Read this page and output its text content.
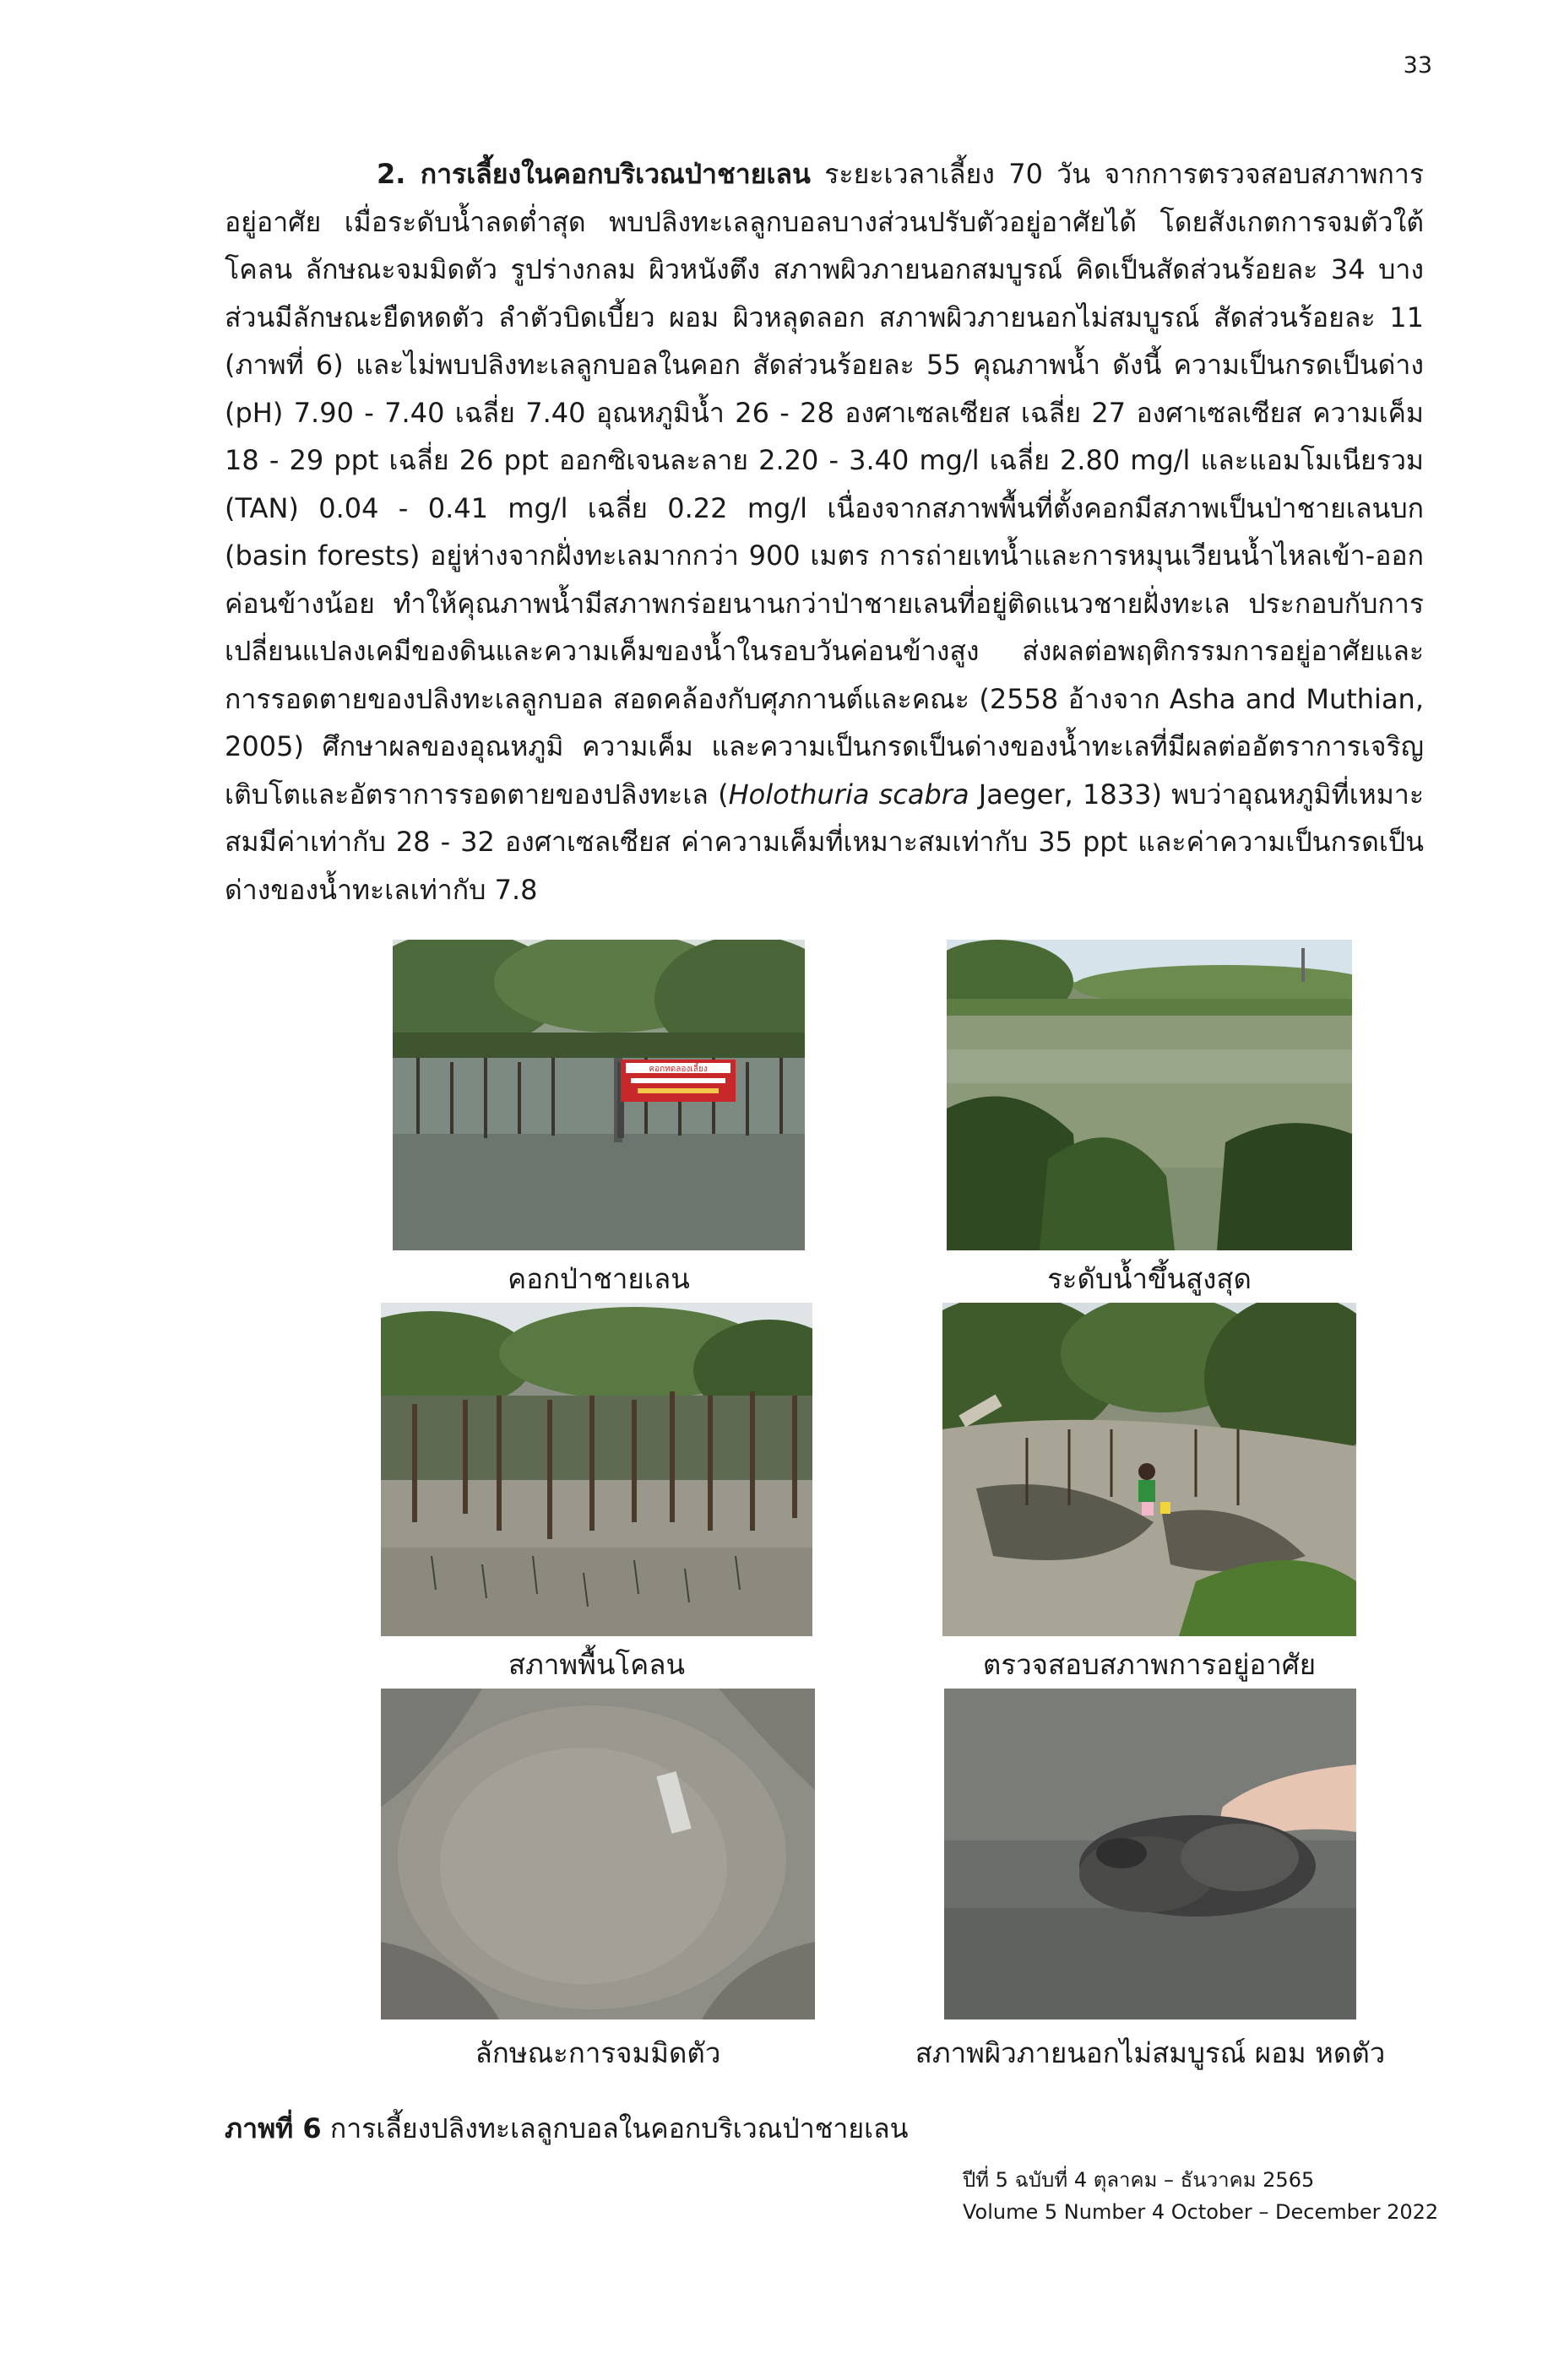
33

2. การเลี้ยงในคอกบริเวณป่าชายเลน ระยะเวลาเลี้ยง 70 วัน จากการตรวจสอบสภาพการอยู่อาศัย เมื่อระดับน้ำลดต่ำสุด พบปลิงทะเลลูกบอลบางส่วนปรับตัวอยู่อาศัยได้ โดยสังเกตการจมตัวใต้โคลน ลักษณะจมมิดตัว รูปร่างกลม ผิวหนังตึง สภาพผิวภายนอกสมบูรณ์ คิดเป็นสัดส่วนร้อยละ 34 บางส่วนมีลักษณะยืดหดตัว ลำตัวบิดเบี้ยว ผอม ผิวหลุดลอก สภาพผิวภายนอกไม่สมบูรณ์ สัดส่วนร้อยละ 11 (ภาพที่ 6) และไม่พบปลิงทะเลลูกบอลในคอก สัดส่วนร้อยละ 55 คุณภาพน้ำ ดังนี้ ความเป็นกรดเป็นด่าง (pH) 7.90 - 7.40 เฉลี่ย 7.40 อุณหภูมิน้ำ 26 - 28 องศาเซลเซียส เฉลี่ย 27 องศาเซลเซียส ความเค็ม 18 - 29 ppt เฉลี่ย 26 ppt ออกซิเจนละลาย 2.20 - 3.40 mg/l เฉลี่ย 2.80 mg/l และแอมโมเนียรวม (TAN) 0.04 - 0.41 mg/l เฉลี่ย 0.22 mg/l เนื่องจากสภาพพื้นที่ตั้งคอกมีสภาพเป็นป่าชายเลนบก (basin forests) อยู่ห่างจากฝั่งทะเลมากกว่า 900 เมตร การถ่ายเทน้ำและการหมุนเวียนน้ำไหลเข้า-ออกค่อนข้างน้อย ทำให้คุณภาพน้ำมีสภาพกร่อยนานกว่าป่าชายเลนที่อยู่ติดแนวชายฝั่งทะเล ประกอบกับการเปลี่ยนแปลงเคมีของดินและความเค็มของน้ำในรอบวันค่อนข้างสูง ส่งผลต่อพฤติกรรมการอยู่อาศัยและการรอดตายของปลิงทะเลลูกบอล สอดคล้องกับศุภกานต์และคณะ (2558 อ้างจาก Asha and Muthian, 2005) ศึกษาผลของอุณหภูมิ ความเค็ม และความเป็นกรดเป็นด่างของน้ำทะเลที่มีผลต่ออัตราการเจริญเติบโตและอัตราการรอดตายของปลิงทะเล (Holothuria scabra Jaeger, 1833) พบว่าอุณหภูมิที่เหมาะสมมีค่าเท่ากับ 28 - 32 องศาเซลเซียส ค่าความเค็มที่เหมาะสมเท่ากับ 35 ppt และค่าความเป็นกรดเป็นด่างของน้ำทะเลเท่ากับ 7.8

คอกทดลองเลี้ยง
คอกป่าชายเลน	ระดับน้ำขึ้นสูงสุด
สภาพพื้นโคลน	ตรวจสอบสภาพการอยู่อาศัย
ลักษณะการจมมิดตัว	สภาพผิวภายนอกไม่สมบูรณ์ ผอม หดตัว
ภาพที่ 6 การเลี้ยงปลิงทะเลลูกบอลในคอกบริเวณป่าชายเลน
ปีที่ 5 ฉบับที่ 4 ตุลาคม – ธันวาคม 2565
Volume 5 Number 4 October – December 2022
